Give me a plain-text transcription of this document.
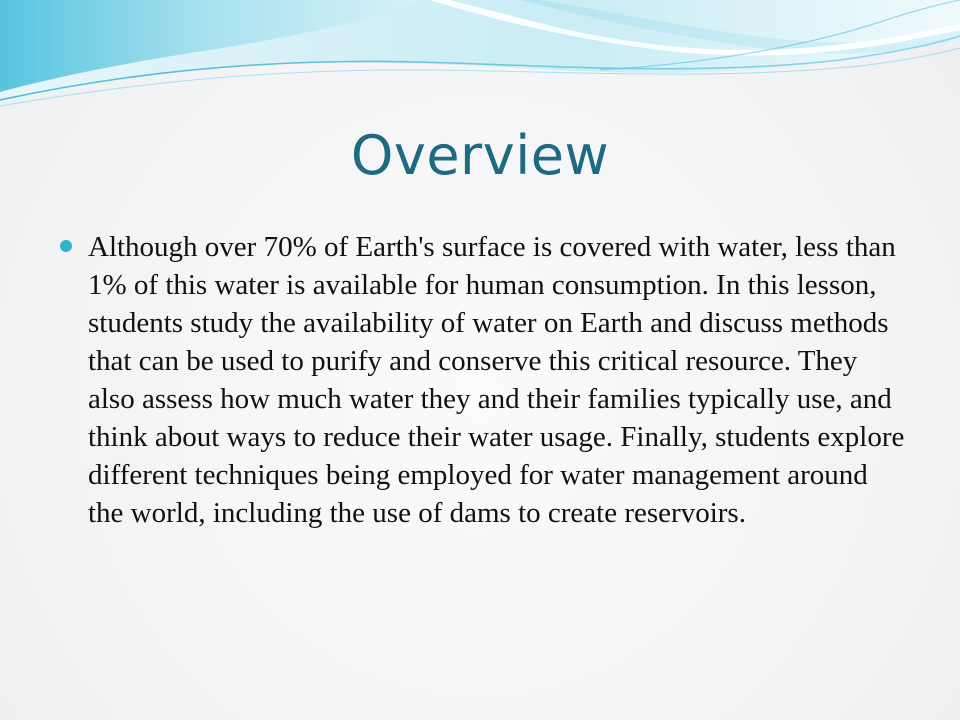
Overview

Although over 70% of Earth's surface is covered with water, less than 1% of this water is available for human consumption. In this lesson, students study the availability of water on Earth and discuss methods that can be used to purify and conserve this critical resource. They also assess how much water they and their families typically use, and think about ways to reduce their water usage. Finally, students explore different techniques being employed for water management around the world, including the use of dams to create reservoirs.
